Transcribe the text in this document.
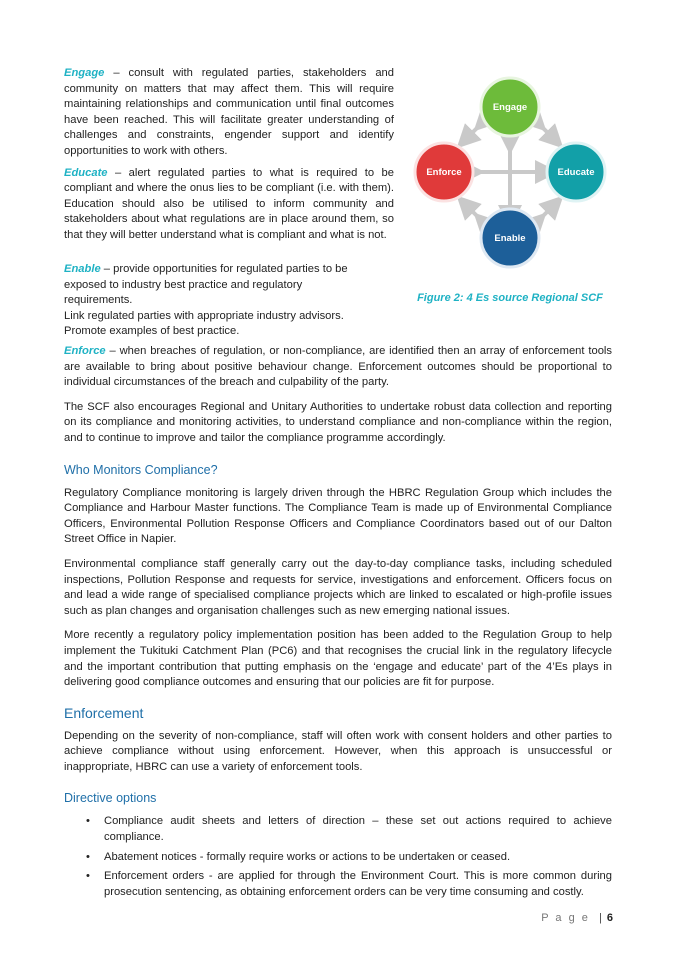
Engage – consult with regulated parties, stakeholders and community on matters that may affect them. This will require maintaining relationships and communication until final outcomes have been reached. This will facilitate greater understanding of challenges and constraints, engender support and identify opportunities to work with others.

Educate – alert regulated parties to what is required to be compliant and where the onus lies to be compliant (i.e. with them). Education should also be utilised to inform community and stakeholders about what regulations are in place around them, so that they will better understand what is compliant and what is not.

Enable – provide opportunities for regulated parties to be exposed to industry best practice and regulatory requirements.

Link regulated parties with appropriate industry advisors.

Promote examples of best practice.

Engage
Educate
Enable
Enforce
Figure 2: 4 Es source Regional SCF

Enforce – when breaches of regulation, or non-compliance, are identified then an array of enforcement tools are available to bring about positive behaviour change. Enforcement outcomes should be proportional to individual circumstances of the breach and culpability of the party.

The SCF also encourages Regional and Unitary Authorities to undertake robust data collection and reporting on its compliance and monitoring activities, to understand compliance and non-compliance within the region, and to continue to improve and tailor the compliance programme accordingly.

Who Monitors Compliance?

Regulatory Compliance monitoring is largely driven through the HBRC Regulation Group which includes the Compliance and Harbour Master functions. The Compliance Team is made up of Environmental Compliance Officers, Environmental Pollution Response Officers and Compliance Coordinators based out of our Dalton Street Office in Napier.

Environmental compliance staff generally carry out the day-to-day compliance tasks, including scheduled inspections, Pollution Response and requests for service, investigations and enforcement. Officers focus on and lead a wide range of specialised compliance projects which are linked to escalated or high-profile issues such as plan changes and organisation challenges such as new emerging national issues.

More recently a regulatory policy implementation position has been added to the Regulation Group to help implement the Tukituki Catchment Plan (PC6) and that recognises the crucial link in the regulatory lifecycle and the important contribution that putting emphasis on the ‘engage and educate’ part of the 4’Es plays in delivering good compliance outcomes and ensuring that our policies are fit for purpose.

Enforcement

Depending on the severity of non-compliance, staff will often work with consent holders and other parties to achieve compliance without using enforcement. However, when this approach is unsuccessful or inappropriate, HBRC can use a variety of enforcement tools.

Directive options
• Compliance audit sheets and letters of direction – these set out actions required to achieve compliance.
• Abatement notices - formally require works or actions to be undertaken or ceased.
• Enforcement orders - are applied for through the Environment Court. This is more common during prosecution sentencing, as obtaining enforcement orders can be very time consuming and costly.
P a g e | 6
